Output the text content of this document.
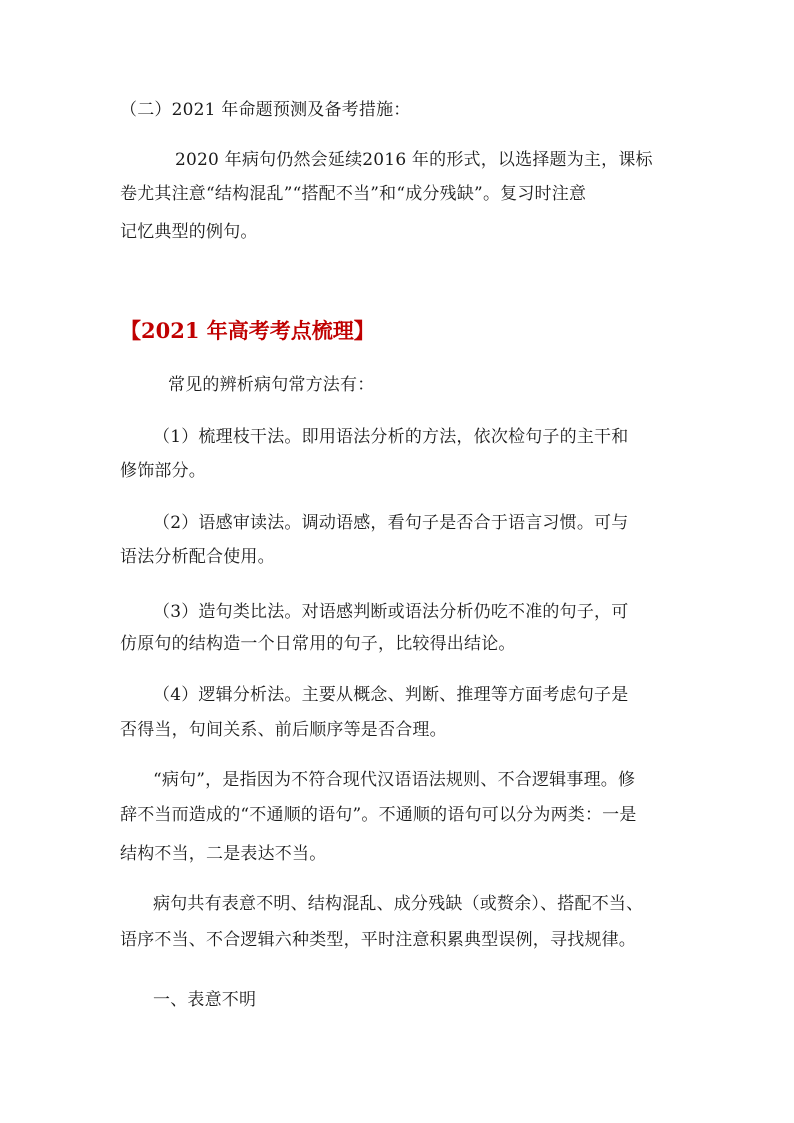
（二）2021 年命题预测及备考措施：
2020 年病句仍然会延续2016 年的形式，以选择题为主，课标
卷尤其注意“结构混乱”“搭配不当”和“成分残缺”。复习时注意
记忆典型的例句。
【2021 年高考考点梳理】
常见的辨析病句常方法有：
（1）梳理枝干法。即用语法分析的方法，依次检句子的主干和
修饰部分。
（2）语感审读法。调动语感，看句子是否合于语言习惯。可与
语法分析配合使用。
（3）造句类比法。对语感判断或语法分析仍吃不准的句子，可
仿原句的结构造一个日常用的句子，比较得出结论。
（4）逻辑分析法。主要从概念、判断、推理等方面考虑句子是
否得当，句间关系、前后顺序等是否合理。
“病句”，是指因为不符合现代汉语语法规则、不合逻辑事理。修
辞不当而造成的“不通顺的语句”。不通顺的语句可以分为两类：一是
结构不当，二是表达不当。
病句共有表意不明、结构混乱、成分残缺（或赘余）、搭配不当、
语序不当、不合逻辑六种类型，平时注意积累典型误例，寻找规律。
一、表意不明
